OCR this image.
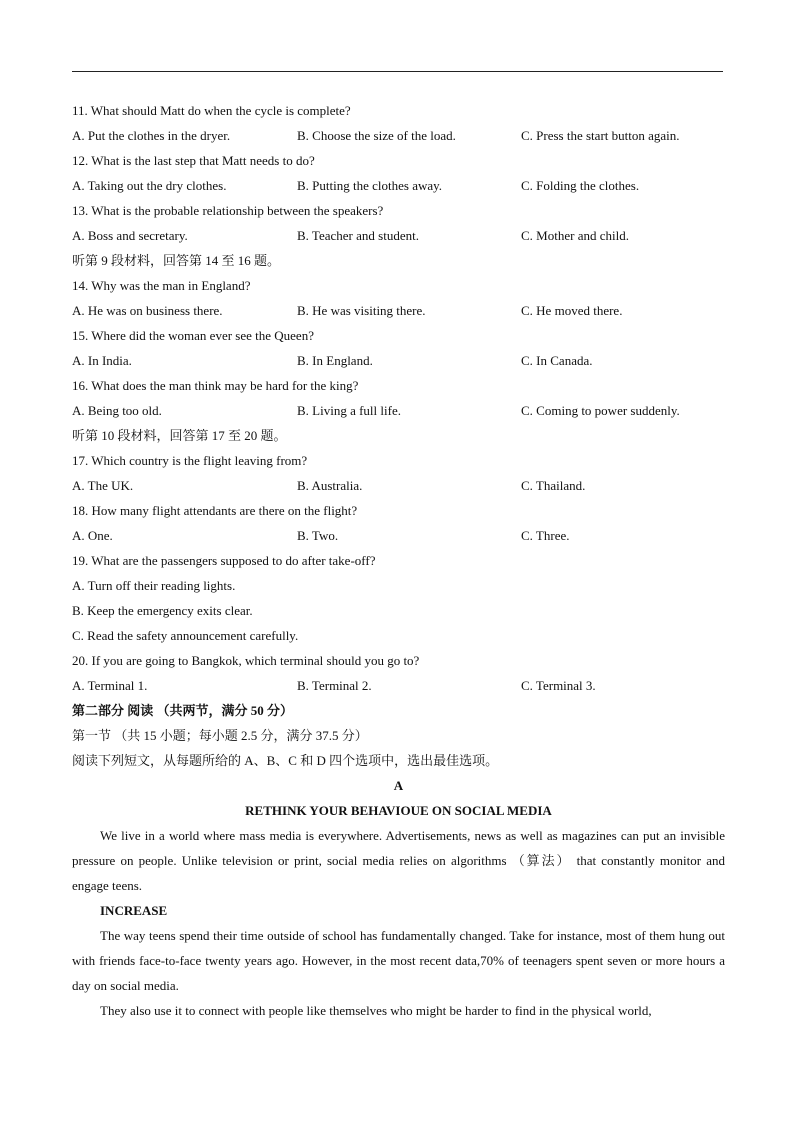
11. What should Matt do when the cycle is complete?
A. Put the clothes in the dryer.	B. Choose the size of the load.	C. Press the start button again.
12. What is the last step that Matt needs to do?
A. Taking out the dry clothes.	B. Putting the clothes away.	C. Folding the clothes.
13. What is the probable relationship between the speakers?
A. Boss and secretary.	B. Teacher and student.	C. Mother and child.
听第 9 段材料，回答第 14 至 16 题。
14. Why was the man in England?
A. He was on business there.	B. He was visiting there.	C. He moved there.
15. Where did the woman ever see the Queen?
A. In India.	B. In England.	C. In Canada.
16. What does the man think may be hard for the king?
A. Being too old.	B. Living a full life.	C. Coming to power suddenly.
听第 10 段材料，回答第 17 至 20 题。
17. Which country is the flight leaving from?
A. The UK.	B. Australia.	C. Thailand.
18. How many flight attendants are there on the flight?
A. One.	B. Two.	C. Three.
19. What are the passengers supposed to do after take-off?
A. Turn off their reading lights.
B. Keep the emergency exits clear.
C. Read the safety announcement carefully.
20. If you are going to Bangkok, which terminal should you go to?
A. Terminal 1.	B. Terminal 2.	C. Terminal 3.
第二部分 阅读 （共两节，满分 50 分）
第一节 （共 15 小题；每小题 2.5 分，满分 37.5 分）
阅读下列短文，从每题所给的 A、B、C 和 D 四个选项中，选出最佳选项。
A
RETHINK YOUR BEHAVIOUE ON SOCIAL MEDIA
We live in a world where mass media is everywhere. Advertisements, news as well as magazines can put an invisible pressure on people. Unlike television or print, social media relies on algorithms （算法） that constantly monitor and engage teens.
INCREASE
The way teens spend their time outside of school has fundamentally changed. Take for instance, most of them hung out with friends face-to-face twenty years ago. However, in the most recent data,70% of teenagers spent seven or more hours a day on social media.
They also use it to connect with people like themselves who might be harder to find in the physical world,
